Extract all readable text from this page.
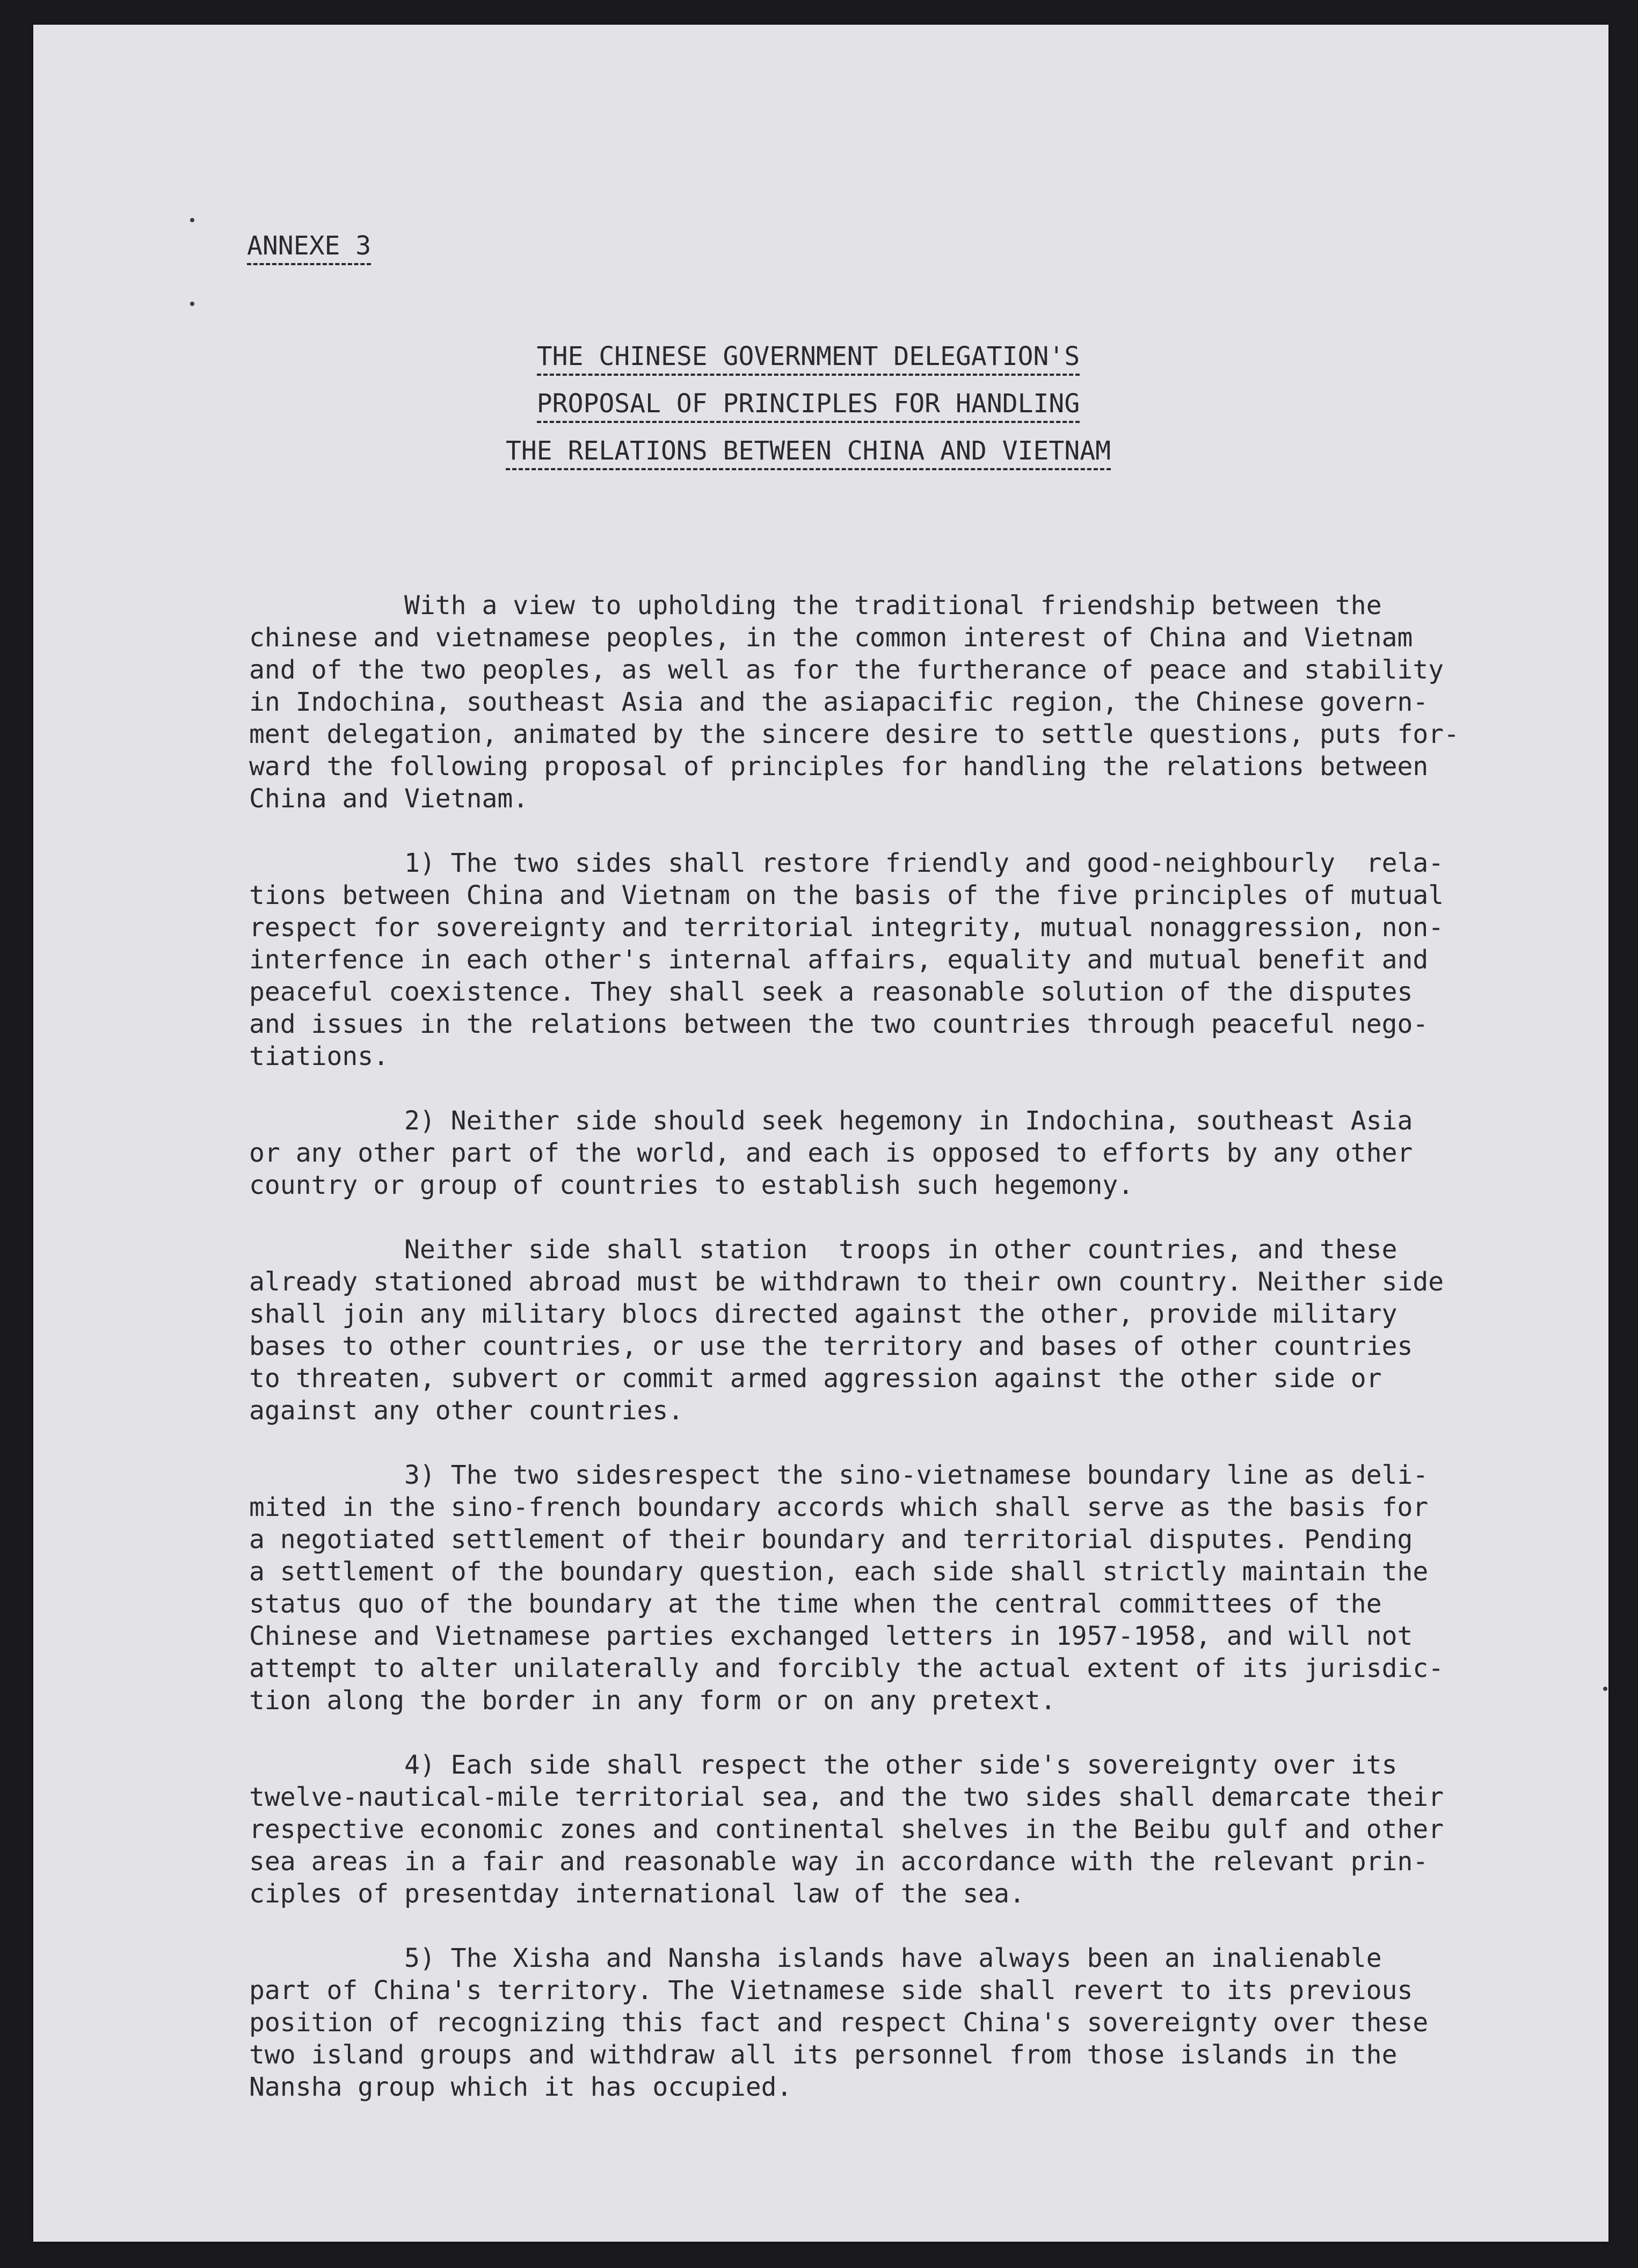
ANNEXE 3
THE CHINESE GOVERNMENT DELEGATION'S
PROPOSAL OF PRINCIPLES FOR HANDLING
THE RELATIONS BETWEEN CHINA AND VIETNAM
With a view to upholding the traditional friendship between the
chinese and vietnamese peoples, in the common interest of China and Vietnam
and of the two peoples, as well as for the furtherance of peace and stability
in Indochina, southeast Asia and the asiapacific region, the Chinese govern-
ment delegation, animated by the sincere desire to settle questions, puts for-
ward the following proposal of principles for handling the relations between
China and Vietnam.
1) The two sides shall restore friendly and good-neighbourly  rela-
tions between China and Vietnam on the basis of the five principles of mutual
respect for sovereignty and territorial integrity, mutual nonaggression, non-
interfence in each other's internal affairs, equality and mutual benefit and
peaceful coexistence. They shall seek a reasonable solution of the disputes
and issues in the relations between the two countries through peaceful nego-
tiations.
2) Neither side should seek hegemony in Indochina, southeast Asia
or any other part of the world, and each is opposed to efforts by any other
country or group of countries to establish such hegemony.
Neither side shall station  troops in other countries, and these
already stationed abroad must be withdrawn to their own country. Neither side
shall join any military blocs directed against the other, provide military
bases to other countries, or use the territory and bases of other countries
to threaten, subvert or commit armed aggression against the other side or
against any other countries.
3) The two sidesrespect the sino-vietnamese boundary line as deli-
mited in the sino-french boundary accords which shall serve as the basis for
a negotiated settlement of their boundary and territorial disputes. Pending
a settlement of the boundary question, each side shall strictly maintain the
status quo of the boundary at the time when the central committees of the
Chinese and Vietnamese parties exchanged letters in 1957-1958, and will not
attempt to alter unilaterally and forcibly the actual extent of its jurisdic-
tion along the border in any form or on any pretext.
4) Each side shall respect the other side's sovereignty over its
twelve-nautical-mile territorial sea, and the two sides shall demarcate their
respective economic zones and continental shelves in the Beibu gulf and other
sea areas in a fair and reasonable way in accordance with the relevant prin-
ciples of presentday international law of the sea.
5) The Xisha and Nansha islands have always been an inalienable
part of China's territory. The Vietnamese side shall revert to its previous
position of recognizing this fact and respect China's sovereignty over these
two island groups and withdraw all its personnel from those islands in the
Nansha group which it has occupied.
